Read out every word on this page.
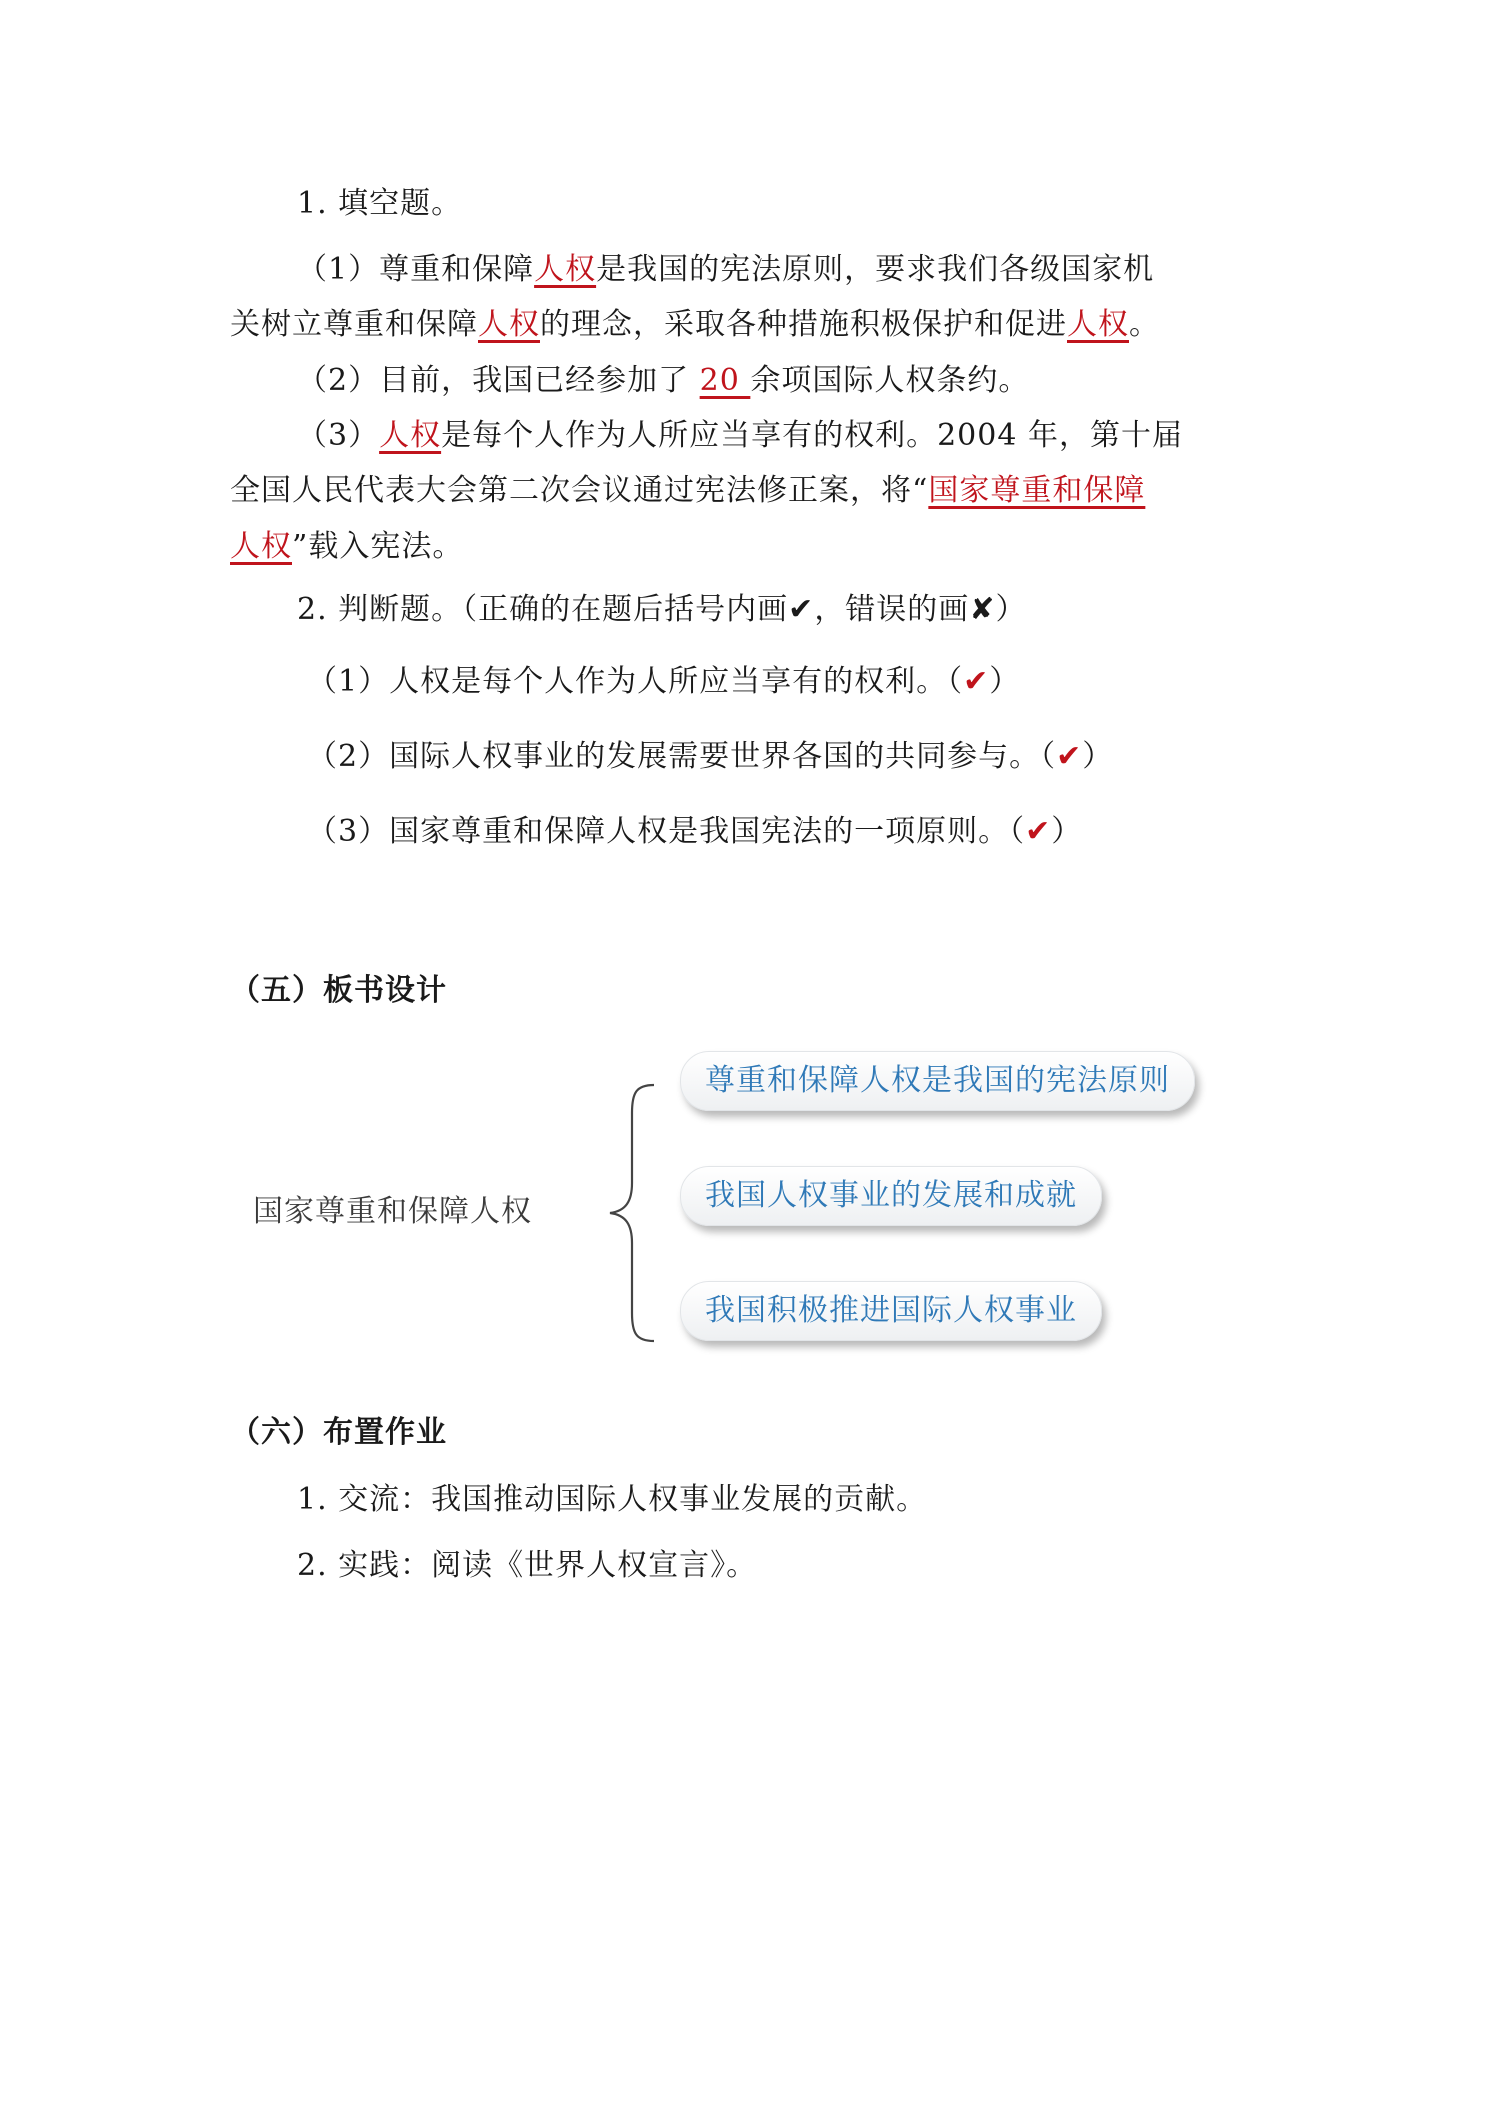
1. 填空题。
（1）尊重和保障人权是我国的宪法原则，要求我们各级国家机
关树立尊重和保障人权的理念，采取各种措施积极保护和促进人权。
（2）目前，我国已经参加了 20 余项国际人权条约。
（3）人权是每个人作为人所应当享有的权利。2004 年，第十届
全国人民代表大会第二次会议通过宪法修正案，将“国家尊重和保障
人权”载入宪法。
2. 判断题。（正确的在题后括号内画✔，错误的画✘）
（1）人权是每个人作为人所应当享有的权利。（✔）
（2）国际人权事业的发展需要世界各国的共同参与。（✔）
（3）国家尊重和保障人权是我国宪法的一项原则。（✔）
（五）板书设计
国家尊重和保障人权
尊重和保障人权是我国的宪法原则
我国人权事业的发展和成就
我国积极推进国际人权事业
（六）布置作业
1. 交流：我国推动国际人权事业发展的贡献。
2. 实践：阅读《世界人权宣言》。
